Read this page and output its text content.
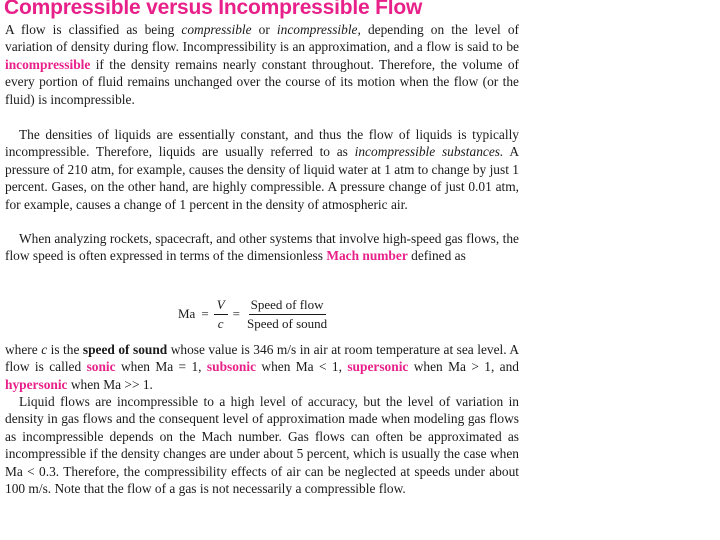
Compressible versus Incompressible Flow
A flow is classified as being compressible or incompressible, depending on the level of variation of density during flow. Incompressibility is an approximation, and a flow is said to be incompressible if the density remains nearly constant throughout. Therefore, the volume of every portion of fluid remains unchanged over the course of its motion when the flow (or the fluid) is incompressible.
The densities of liquids are essentially constant, and thus the flow of liquids is typically incompressible. Therefore, liquids are usually referred to as incompressible substances. A pressure of 210 atm, for example, causes the density of liquid water at 1 atm to change by just 1 percent. Gases, on the other hand, are highly compressible. A pressure change of just 0.01 atm, for example, causes a change of 1 percent in the density of atmospheric air.
When analyzing rockets, spacecraft, and other systems that involve high-speed gas flows, the flow speed is often expressed in terms of the dimensionless Mach number defined as
$Ma = \frac{V}{c} = \frac{\text{Speed of flow}}{\text{Speed of sound}}$
where c is the speed of sound whose value is 346 m/s in air at room temperature at sea level. A flow is called sonic when Ma = 1, subsonic when Ma < 1, supersonic when Ma > 1, and hypersonic when Ma >> 1.
Liquid flows are incompressible to a high level of accuracy, but the level of variation in density in gas flows and the consequent level of approximation made when modeling gas flows as incompressible depends on the Mach number. Gas flows can often be approximated as incompressible if the density changes are under about 5 percent, which is usually the case when Ma < 0.3. Therefore, the compressibility effects of air can be neglected at speeds under about 100 m/s. Note that the flow of a gas is not necessarily a compressible flow.
